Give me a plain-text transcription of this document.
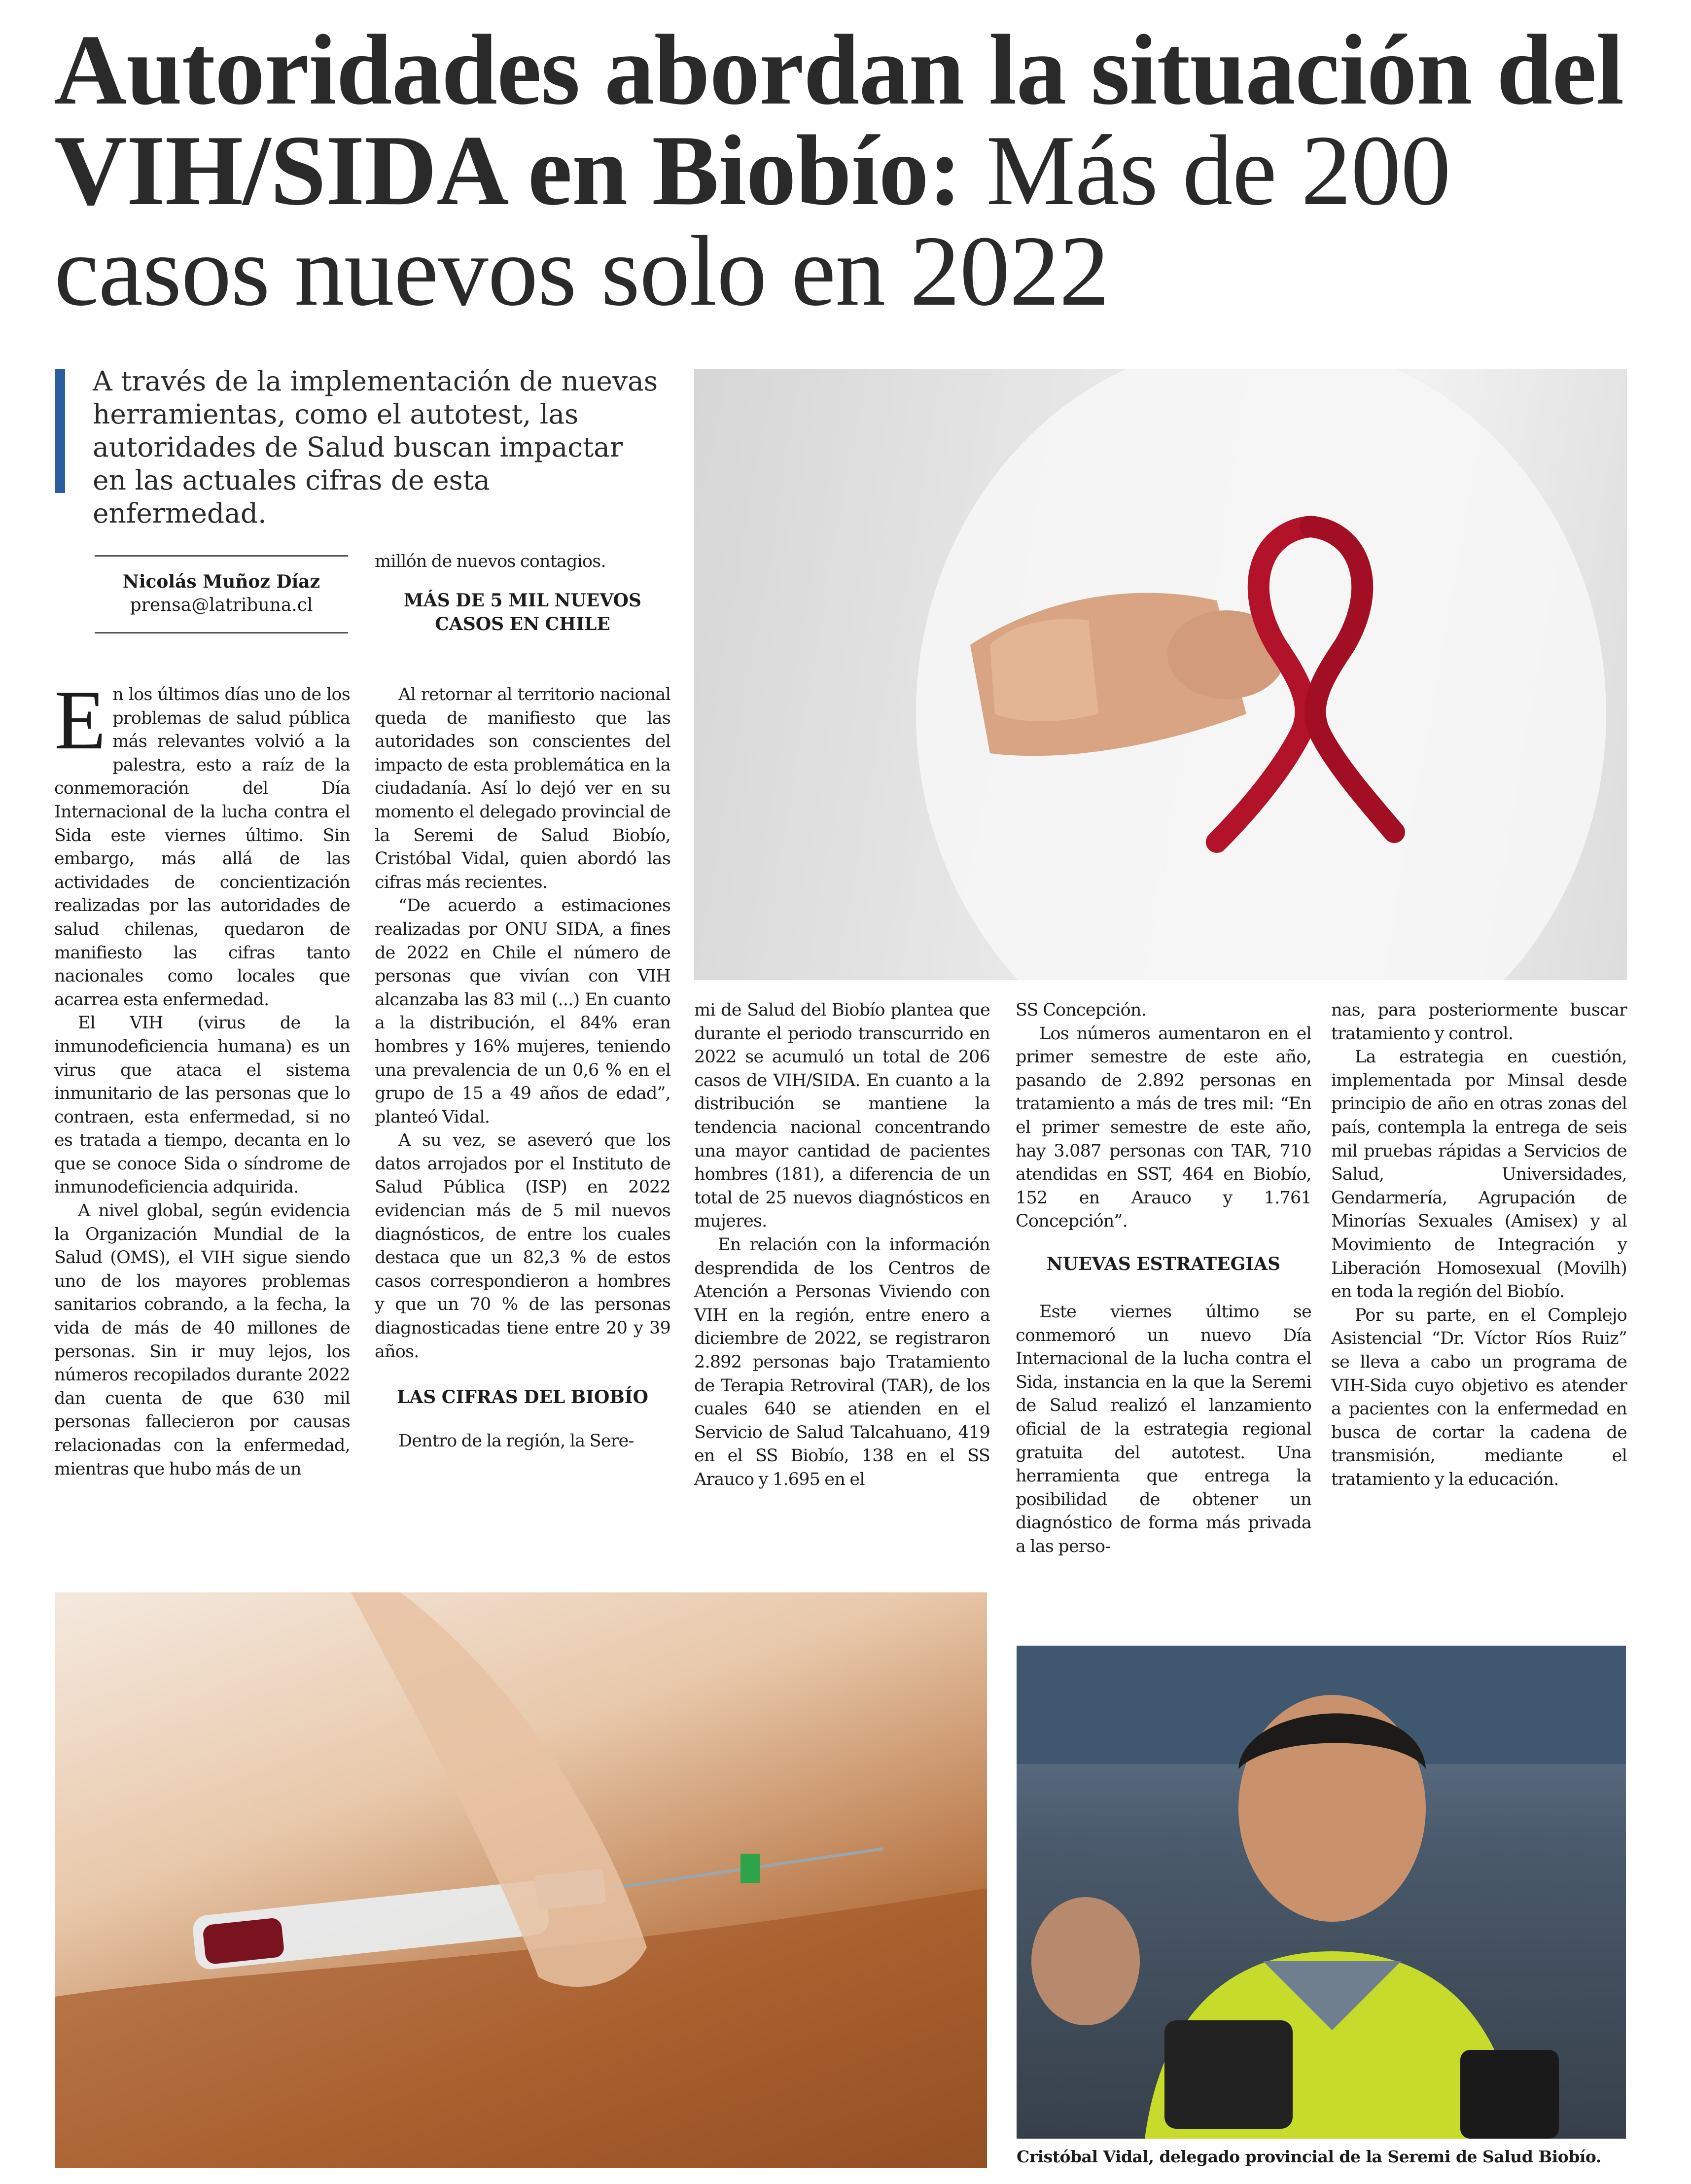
Autoridades abordan la situación del VIH/SIDA en Biobío: Más de 200 casos nuevos solo en 2022
A través de la implementación de nuevas herramientas, como el autotest, las autoridades de Salud buscan impactar en las actuales cifras de esta enfermedad.
Nicolás Muñoz Díaz
prensa@latribuna.cl

En los últimos días uno de los problemas de salud pública más relevantes volvió a la palestra, esto a raíz de la conmemoración del Día Internacional de la lucha contra el Sida este viernes último. Sin embargo, más allá de las actividades de concientización realizadas por las autoridades de salud chilenas, quedaron de manifiesto las cifras tanto nacionales como locales que acarrea esta enfermedad.

El VIH (virus de la inmunodeficiencia humana) es un virus que ataca el sistema inmunitario de las personas que lo contraen, esta enfermedad, si no es tratada a tiempo, decanta en lo que se conoce Sida o síndrome de inmunodeficiencia adquirida.

A nivel global, según evidencia la Organización Mundial de la Salud (OMS), el VIH sigue siendo uno de los mayores problemas sanitarios cobrando, a la fecha, la vida de más de 40 millones de personas. Sin ir muy lejos, los números recopilados durante 2022 dan cuenta de que 630 mil personas fallecieron por causas relacionadas con la enfermedad, mientras que hubo más de un

millón de nuevos contagios.

MÁS DE 5 MIL NUEVOS CASOS EN CHILE

Al retornar al territorio nacional queda de manifiesto que las autoridades son conscientes del impacto de esta problemática en la ciudadanía. Así lo dejó ver en su momento el delegado provincial de la Seremi de Salud Biobío, Cristóbal Vidal, quien abordó las cifras más recientes.

“De acuerdo a estimaciones realizadas por ONU SIDA, a fines de 2022 en Chile el número de personas que vivían con VIH alcanzaba las 83 mil (...) En cuanto a la distribución, el 84% eran hombres y 16% mujeres, teniendo una prevalencia de un 0,6 % en el grupo de 15 a 49 años de edad”, planteó Vidal.

A su vez, se aseveró que los datos arrojados por el Instituto de Salud Pública (ISP) en 2022 evidencian más de 5 mil nuevos diagnósticos, de entre los cuales destaca que un 82,3 % de estos casos correspondieron a hombres y que un 70 % de las personas diagnosticadas tiene entre 20 y 39 años.

LAS CIFRAS DEL BIOBÍO

Dentro de la región, la Sere-

mi de Salud del Biobío plantea que durante el periodo transcurrido en 2022 se acumuló un total de 206 casos de VIH/SIDA. En cuanto a la distribución se mantiene la tendencia nacional concentrando una mayor cantidad de pacientes hombres (181), a diferencia de un total de 25 nuevos diagnósticos en mujeres.

En relación con la información desprendida de los Centros de Atención a Personas Viviendo con VIH en la región, entre enero a diciembre de 2022, se registraron 2.892 personas bajo Tratamiento de Terapia Retroviral (TAR), de los cuales 640 se atienden en el Servicio de Salud Talcahuano, 419 en el SS Biobío, 138 en el SS Arauco y 1.695 en el

SS Concepción.

Los números aumentaron en el primer semestre de este año, pasando de 2.892 personas en tratamiento a más de tres mil: “En el primer semestre de este año, hay 3.087 personas con TAR, 710 atendidas en SST, 464 en Biobío, 152 en Arauco y 1.761 Concepción”.

NUEVAS ESTRATEGIAS

Este viernes último se conmemoró un nuevo Día Internacional de la lucha contra el Sida, instancia en la que la Seremi de Salud realizó el lanzamiento oficial de la estrategia regional gratuita del autotest. Una herramienta que entrega la posibilidad de obtener un diagnóstico de forma más privada a las perso-

nas, para posteriormente buscar tratamiento y control.

La estrategia en cuestión, implementada por Minsal desde principio de año en otras zonas del país, contempla la entrega de seis mil pruebas rápidas a Servicios de Salud, Universidades, Gendarmería, Agrupación de Minorías Sexuales (Amisex) y al Movimiento de Integración y Liberación Homosexual (Movilh) en toda la región del Biobío.

Por su parte, en el Complejo Asistencial “Dr. Víctor Ríos Ruiz” se lleva a cabo un programa de VIH-Sida cuyo objetivo es atender a pacientes con la enfermedad en busca de cortar la cadena de transmisión, mediante el tratamiento y la educación.

Cristóbal Vidal, delegado provincial de la Seremi de Salud Biobío.
